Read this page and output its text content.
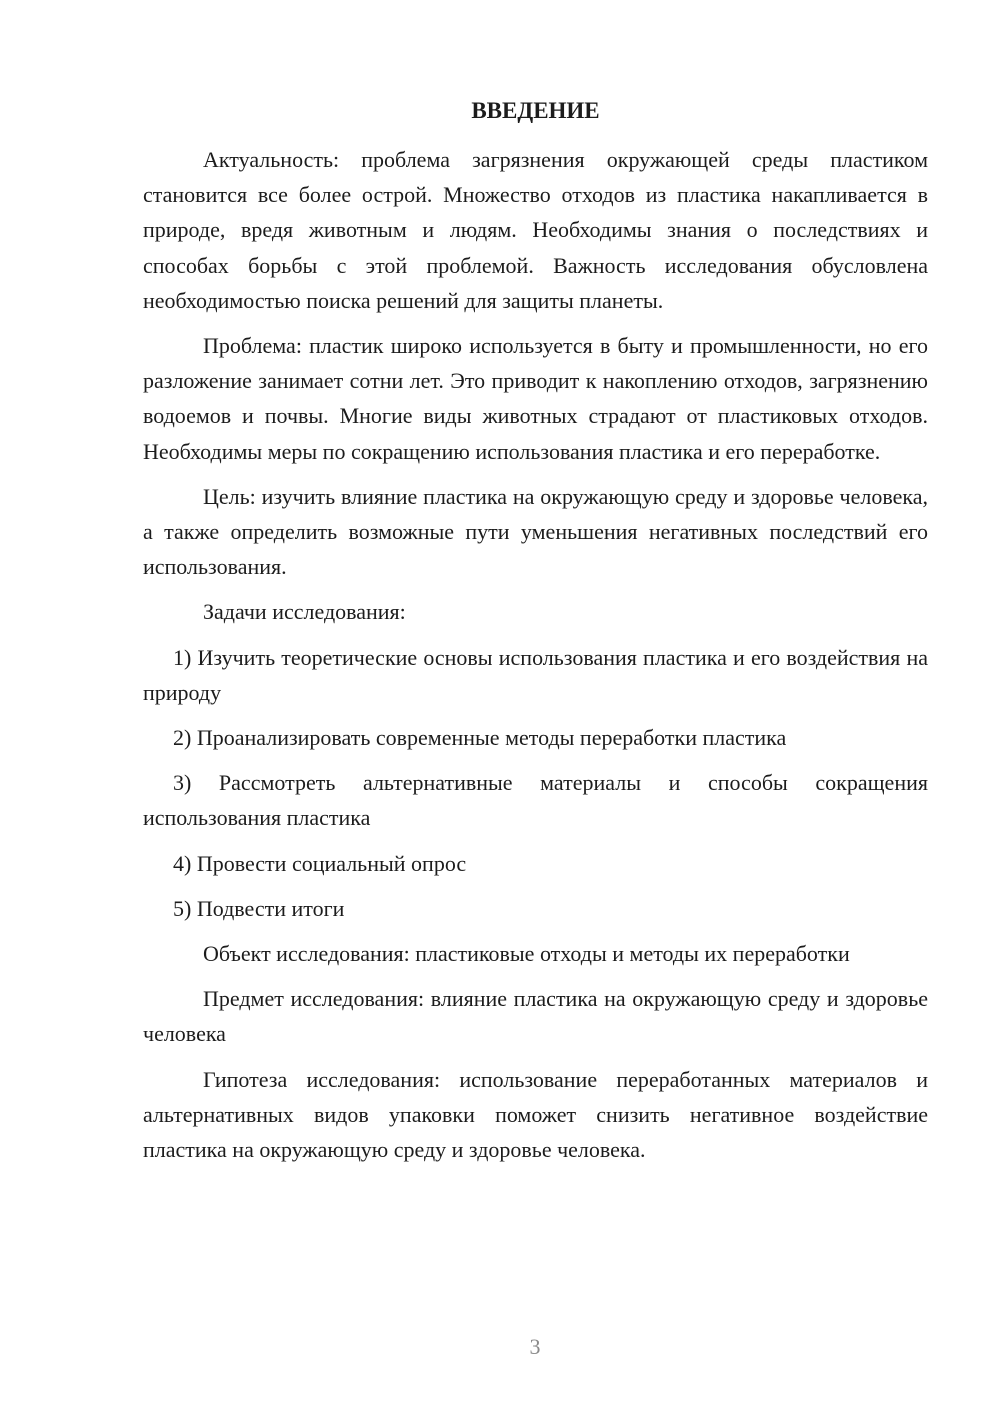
ВВЕДЕНИЕ

Актуальность: проблема загрязнения окружающей среды пластиком становится все более острой. Множество отходов из пластика накапливается в природе, вредя животным и людям. Необходимы знания о последствиях и способах борьбы с этой проблемой. Важность исследования обусловлена необходимостью поиска решений для защиты планеты.

Проблема: пластик широко используется в быту и промышленности, но его разложение занимает сотни лет. Это приводит к накоплению отходов, загрязнению водоемов и почвы. Многие виды животных страдают от пластиковых отходов. Необходимы меры по сокращению использования пластика и его переработке.

Цель: изучить влияние пластика на окружающую среду и здоровье человека, а также определить возможные пути уменьшения негативных последствий его использования.

Задачи исследования:

1) Изучить теоретические основы использования пластика и его воздействия на природу

2) Проанализировать современные методы переработки пластика

3) Рассмотреть альтернативные материалы и способы сокращения использования пластика

4) Провести социальный опрос

5) Подвести итоги

Объект исследования: пластиковые отходы и методы их переработки

Предмет исследования: влияние пластика на окружающую среду и здоровье человека

Гипотеза исследования: использование переработанных материалов и альтернативных видов упаковки поможет снизить негативное воздействие пластика на окружающую среду и здоровье человека.

3
